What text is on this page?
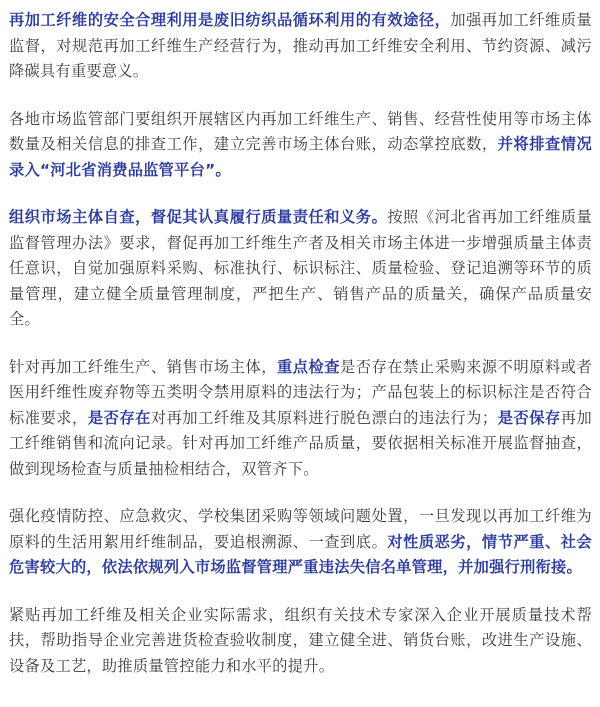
再加工纤维的安全合理利用是废旧纺织品循环利用的有效途径，加强再加工纤维质量监督，对规范再加工纤维生产经营行为，推动再加工纤维安全利用、节约资源、减污降碳具有重要意义。

各地市场监管部门要组织开展辖区内再加工纤维生产、销售、经营性使用等市场主体数量及相关信息的排查工作，建立完善市场主体台账，动态掌控底数，并将排查情况录入“河北省消费品监管平台”。

组织市场主体自查，督促其认真履行质量责任和义务。按照《河北省再加工纤维质量监督管理办法》要求，督促再加工纤维生产者及相关市场主体进一步增强质量主体责任意识，自觉加强原料采购、标准执行、标识标注、质量检验、登记追溯等环节的质量管理，建立健全质量管理制度，严把生产、销售产品的质量关，确保产品质量安全。

针对再加工纤维生产、销售市场主体，重点检查是否存在禁止采购来源不明原料或者医用纤维性废弃物等五类明令禁用原料的违法行为；产品包装上的标识标注是否符合标准要求，是否存在对再加工纤维及其原料进行脱色漂白的违法行为；是否保存再加工纤维销售和流向记录。针对再加工纤维产品质量，要依据相关标准开展监督抽查，做到现场检查与质量抽检相结合，双管齐下。

强化疫情防控、应急救灾、学校集团采购等领域问题处置，一旦发现以再加工纤维为原料的生活用絮用纤维制品，要追根溯源、一查到底。对性质恶劣，情节严重、社会危害较大的，依法依规列入市场监督管理严重违法失信名单管理，并加强行刑衔接。

紧贴再加工纤维及相关企业实际需求，组织有关技术专家深入企业开展质量技术帮扶，帮助指导企业完善进货检查验收制度，建立健全进、销货台账，改进生产设施、设备及工艺，助推质量管控能力和水平的提升。
